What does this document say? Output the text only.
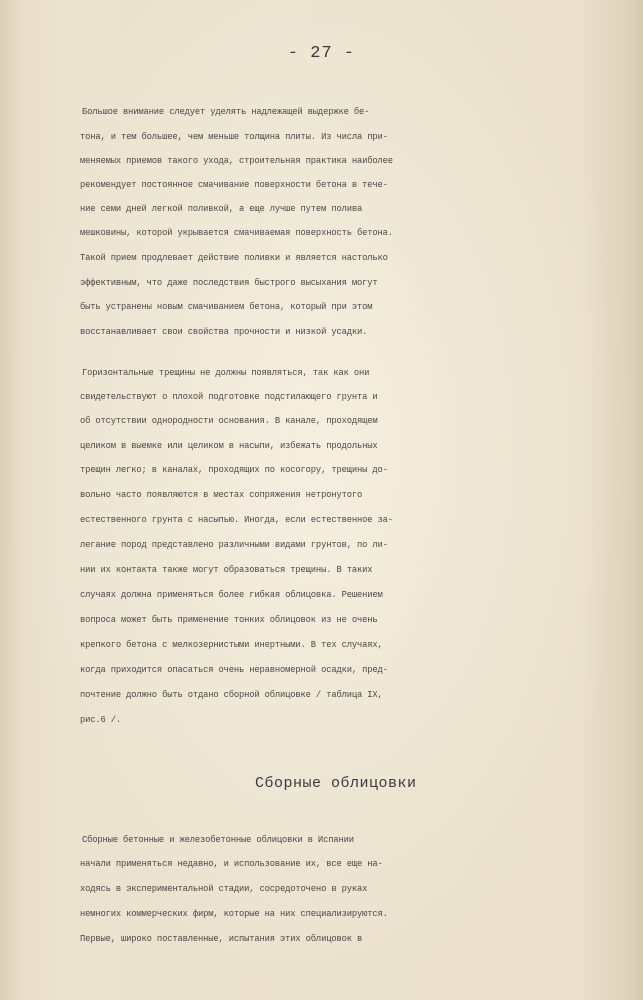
- 27 -
Большое внимание следует уделять надлежащей выдержке бе-
тона, и тем большее, чем меньше толщина плиты. Из числа при-
меняемых приемов такого ухода, строительная практика наиболее
рекомендует постоянное смачивание поверхности бетона в тече-
ние семи дней легкой поливкой, а еще лучше путем полива
мешковины, которой укрывается смачиваемая поверхность бетона.
Такой прием продлевает действие поливки и является настолько
эффективным, что даже последствия быстрого высыхания могут
быть устранены новым смачиванием бетона, который при этом
восстанавливает свои свойства прочности и низкой усадки.
Горизонтальные трещины не должны появляться, так как они
свидетельствуют о плохой подготовке подстилающего грунта и
об отсутствии однородности основания. В канале, проходящем
целиком в выемке или целиком в насыпи, избежать продольных
трещин легко; в каналах, проходящих по косогору, трещины до-
вольно часто появляются в местах сопряжения нетронутого
естественного грунта с насыпью. Иногда, если естественное за-
легание пород представлено различными видами грунтов, по ли-
нии их контакта также могут образоваться трещины. В таких
случаях должна применяться более гибкая облицовка. Решением
вопроса может быть применение тонких облицовок из не очень
крепкого бетона с мелкозернистыми инертными. В тех случаях,
когда приходится опасаться очень неравномерной осадки, пред-
почтение должно быть отдано сборной облицовке / таблица IX,
рис.6 /.
Сборные облицовки
Сборные бетонные и железобетонные облицовки в Испании
начали применяться недавно, и использование их, все еще на-
ходясь в экспериментальной стадии, сосредоточено в руках
немногих коммерческих фирм, которые на них специализируются.
Первые, широко поставленные, испытания этих облицовок в
